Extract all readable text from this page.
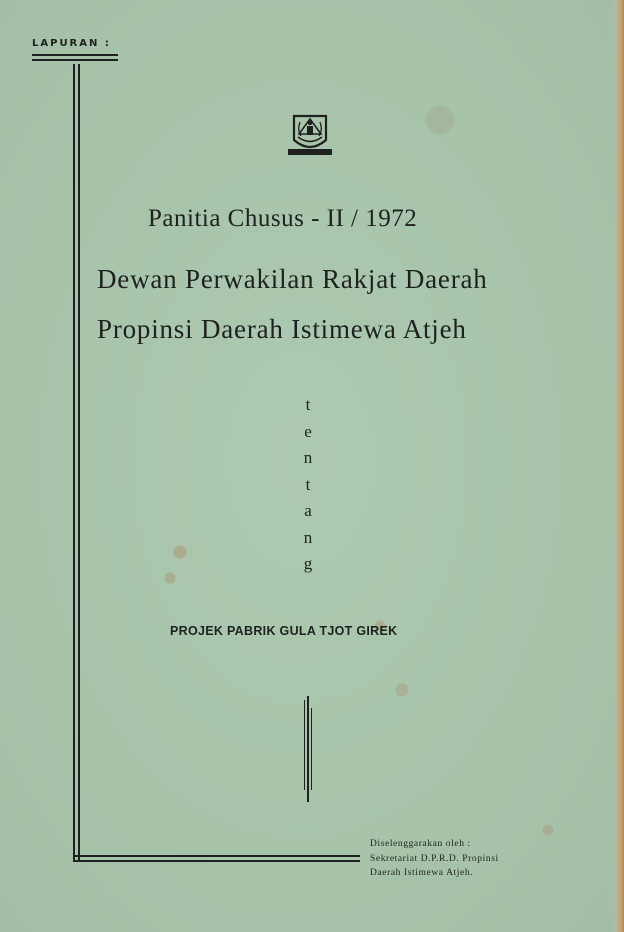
LAPURAN :
Panitia Chusus - II / 1972
Dewan Perwakilan Rakjat Daerah
Propinsi Daerah Istimewa Atjeh
t
e
n
t
a
n
g
PROJEK PABRIK GULA TJOT GIREK
Diselenggarakan oleh :
Sekretariat D.P.R.D. Propinsi
Daerah Istimewa Atjeh.
